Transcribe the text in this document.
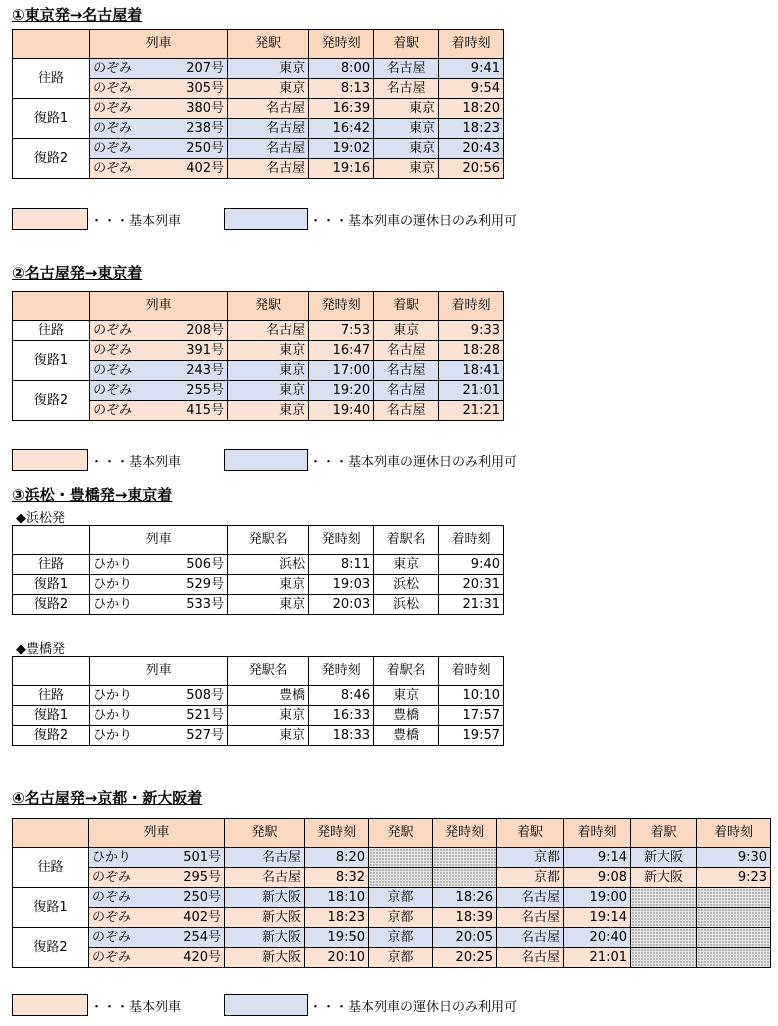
①東京発→名古屋着
	列車		発駅	発時刻	着駅	着時刻
往路	のぞみ	207号	東京	8:00	名古屋	9:41
	のぞみ	305号	東京	8:13	名古屋	9:54
復路1	のぞみ	380号	名古屋	16:39	東京	18:20
	のぞみ	238号	名古屋	16:42	東京	18:23
復路2	のぞみ	250号	名古屋	19:02	東京	20:43
	のぞみ	402号	名古屋	19:16	東京	20:56
・・・基本列車	・・・基本列車の運休日のみ利用可
②名古屋発→東京着
	列車		発駅	発時刻	着駅	着時刻
往路	のぞみ	208号	名古屋	7:53	東京	9:33
復路1	のぞみ	391号	東京	16:47	名古屋	18:28
	のぞみ	243号	東京	17:00	名古屋	18:41
復路2	のぞみ	255号	東京	19:20	名古屋	21:01
	のぞみ	415号	東京	19:40	名古屋	21:21
・・・基本列車	・・・基本列車の運休日のみ利用可
③浜松・豊橋発→東京着
◆浜松発
	列車		発駅名	発時刻	着駅名	着時刻
往路	ひかり	506号	浜松	8:11	東京	9:40
復路1	ひかり	529号	東京	19:03	浜松	20:31
復路2	ひかり	533号	東京	20:03	浜松	21:31
◆豊橋発
	列車		発駅名	発時刻	着駅名	着時刻
往路	ひかり	508号	豊橋	8:46	東京	10:10
復路1	ひかり	521号	東京	16:33	豊橋	17:57
復路2	ひかり	527号	東京	18:33	豊橋	19:57
④名古屋発→京都・新大阪着
	列車		発駅	発時刻	発駅	発時刻	着駅	着時刻	着駅	着時刻
往路	ひかり	501号	名古屋	8:20			京都	9:14	新大阪	9:30
	のぞみ	295号	名古屋	8:32			京都	9:08	新大阪	9:23
復路1	のぞみ	250号	新大阪	18:10	京都	18:26	名古屋	19:00		
	のぞみ	402号	新大阪	18:23	京都	18:39	名古屋	19:14		
復路2	のぞみ	254号	新大阪	19:50	京都	20:05	名古屋	20:40		
	のぞみ	420号	新大阪	20:10	京都	20:25	名古屋	21:01		
・・・基本列車	・・・基本列車の運休日のみ利用可
